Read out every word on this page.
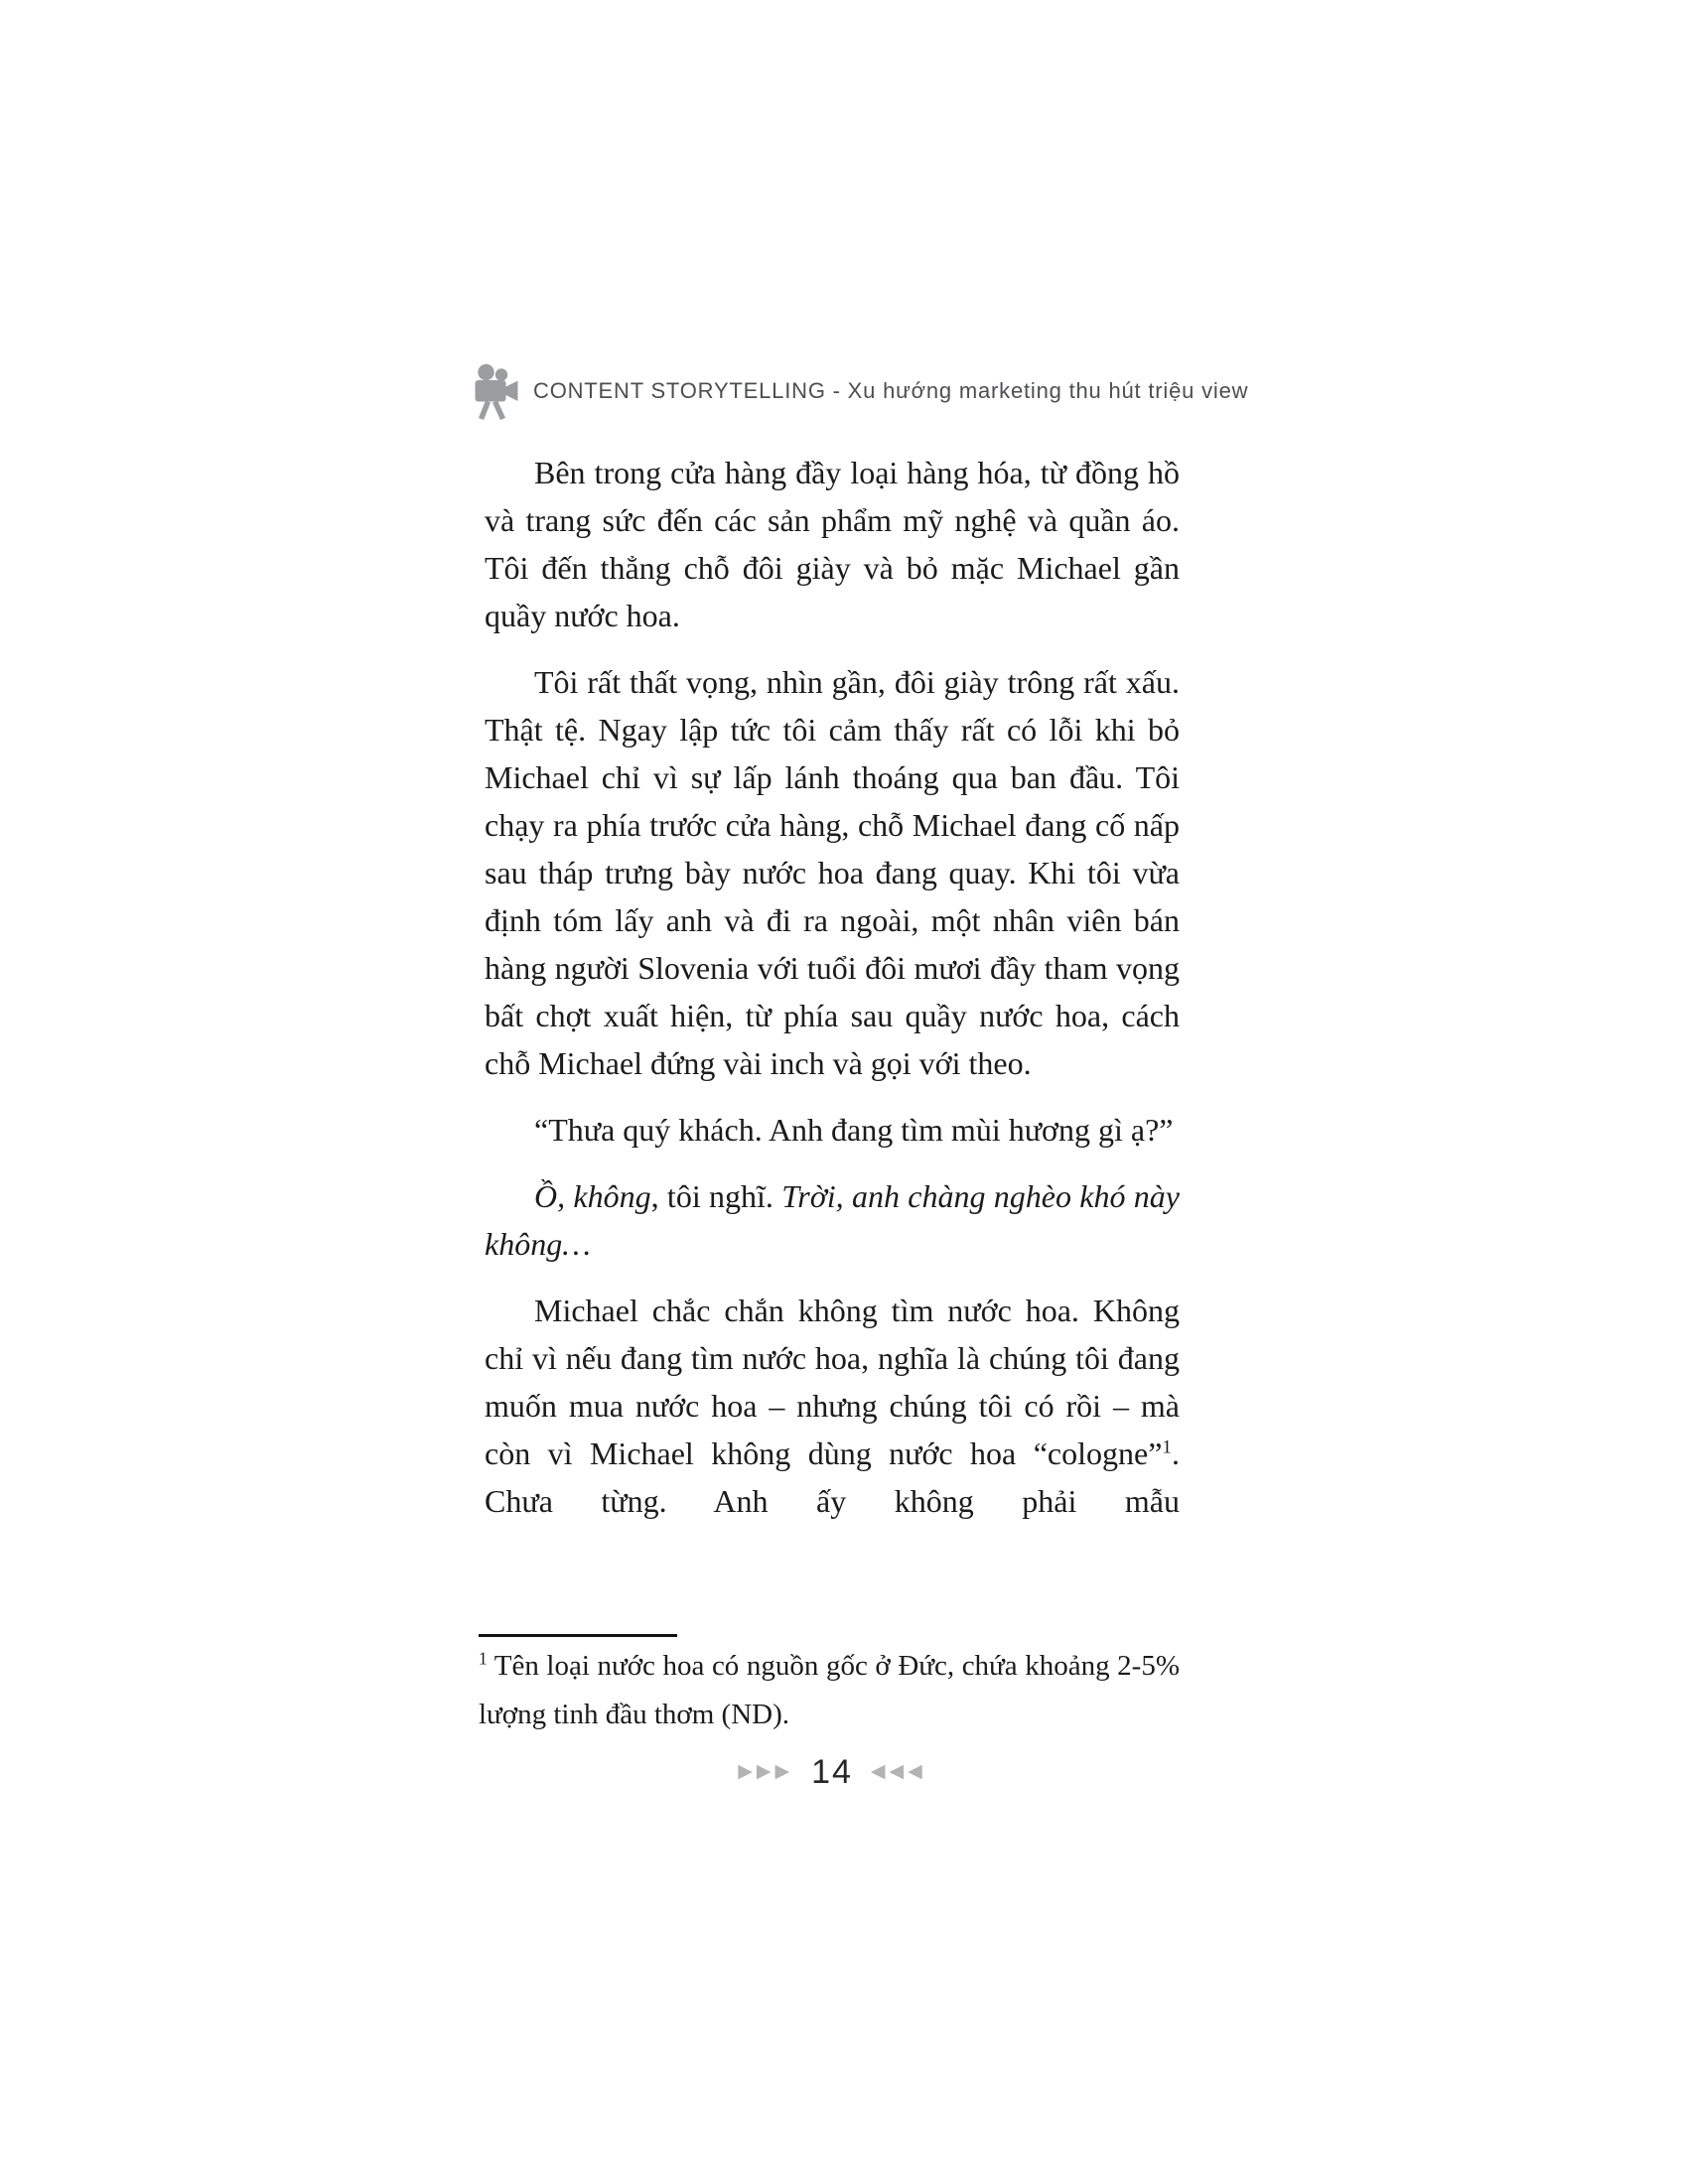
CONTENT STORYTELLING - Xu hướng marketing thu hút triệu view

Bên trong cửa hàng đầy loại hàng hóa, từ đồng hồ và trang sức đến các sản phẩm mỹ nghệ và quần áo. Tôi đến thẳng chỗ đôi giày và bỏ mặc Michael gần quầy nước hoa.

Tôi rất thất vọng, nhìn gần, đôi giày trông rất xấu. Thật tệ. Ngay lập tức tôi cảm thấy rất có lỗi khi bỏ Michael chỉ vì sự lấp lánh thoáng qua ban đầu. Tôi chạy ra phía trước cửa hàng, chỗ Michael đang cố nấp sau tháp trưng bày nước hoa đang quay. Khi tôi vừa định tóm lấy anh và đi ra ngoài, một nhân viên bán hàng người Slovenia với tuổi đôi mươi đầy tham vọng bất chợt xuất hiện, từ phía sau quầy nước hoa, cách chỗ Michael đứng vài inch và gọi với theo.

“Thưa quý khách. Anh đang tìm mùi hương gì ạ?”

Ồ, không, tôi nghĩ. Trời, anh chàng nghèo khó này không…

Michael chắc chắn không tìm nước hoa. Không chỉ vì nếu đang tìm nước hoa, nghĩa là chúng tôi đang muốn mua nước hoa – nhưng chúng tôi có rồi – mà còn vì Michael không dùng nước hoa “cologne”$^1$. Chưa từng. Anh ấy không phải mẫu

$^1$ Tên loại nước hoa có nguồn gốc ở Đức, chứa khoảng 2-5% lượng tinh đầu thơm (ND).

▶▶▶ 14 ◀◀◀
